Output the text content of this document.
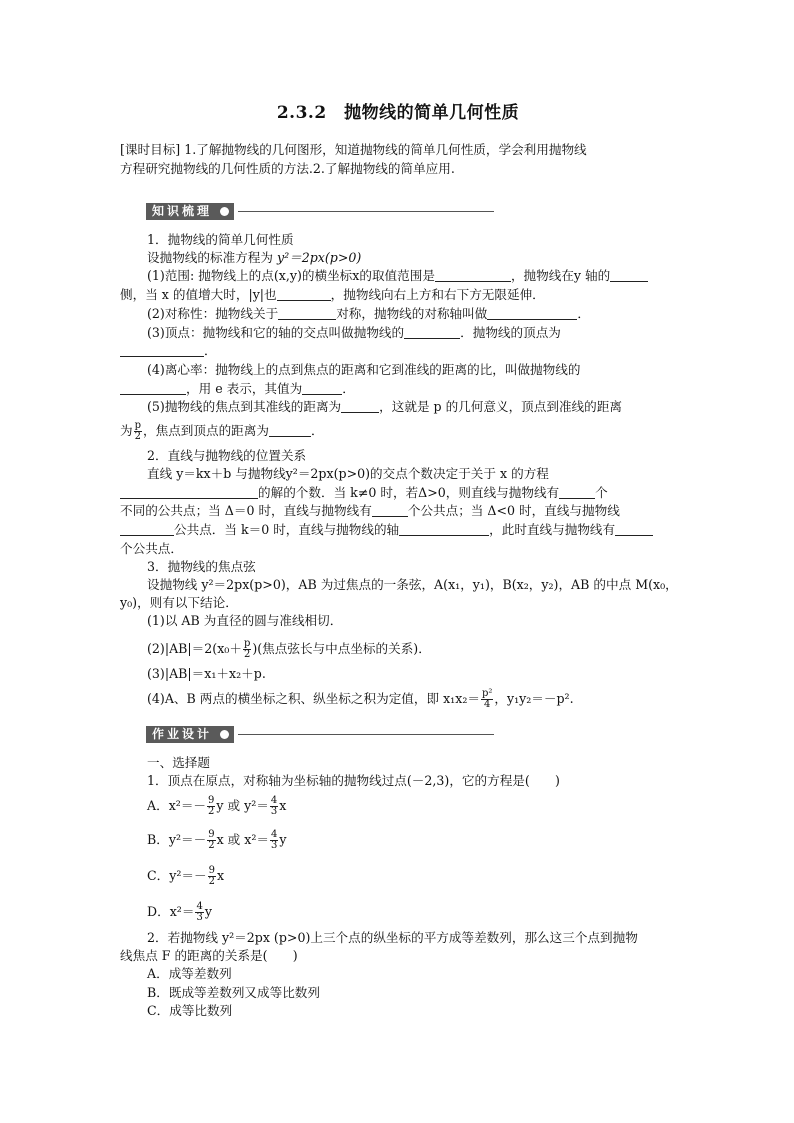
2.3.2　抛物线的简单几何性质
[课时目标] 1.了解抛物线的几何图形，知道抛物线的简单几何性质，学会利用抛物线
方程研究抛物线的几何性质的方法.2.了解抛物线的简单应用.
知识梳理
1．抛物线的简单几何性质
设抛物线的标准方程为 y²＝2px(p>0)
(1)范围: 抛物线上的点(x,y)的横坐标x的取值范围是	，抛物线在y 轴的
侧，当 x 的值增大时，|y|也	，抛物线向右上方和右下方无限延伸．
(2)对称性：抛物线关于	对称，抛物线的对称轴叫做	．
(3)顶点：抛物线和它的轴的交点叫做抛物线的	．抛物线的顶点为
．
(4)离心率：抛物线上的点到焦点的距离和它到准线的距离的比，叫做抛物线的
，用 e 表示，其值为	．
(5)抛物线的焦点到其准线的距离为	，这就是 p 的几何意义，顶点到准线的距离
为 $\frac{p}{2}$ ，焦点到顶点的距离为	．
2．直线与抛物线的位置关系
直线 y＝kx＋b 与抛物线y²＝2px(p>0)的交点个数决定于关于 x 的方程
的解的个数．当 k≠0 时，若Δ>0，则直线与抛物线有	个
不同的公共点；当 Δ＝0 时，直线与抛物线有	个公共点；当 Δ<0 时，直线与抛物线
公共点．当 k＝0 时，直线与抛物线的轴	，此时直线与抛物线有
个公共点．
3．抛物线的焦点弦
设抛物线 y²＝2px(p>0)，AB 为过焦点的一条弦，A(x₁，y₁)，B(x₂，y₂)，AB 的中点 M(x₀，
y₀)，则有以下结论．
(1)以 AB 为直径的圆与准线相切．
$(2)|AB|=2(x_0+ \frac{p}{2}$ )(焦点弦长与中点坐标的关系)．
(3)|AB|＝x₁＋x₂＋p.
(4)A、B 两点的横坐标之积、纵坐标之积为定值，即 $x_1x_2= \frac{\text{p²}}{4}$ ，y₁y₂＝－p².
作业设计
一、选择题
1．顶点在原点，对称轴为坐标轴的抛物线过点(－2,3)，它的方程是(　　)
A．$x^2=- \frac{9}{2}$ y 或 $y^2= \frac{4}{3}$ x
B．$y^2=- \frac{9}{2}$ x 或 $x^2= \frac{4}{3}$ y
C．$y^2=- \frac{9}{2}$ x
D．$x^2= \frac{4}{3}$ y
2．若抛物线 y²＝2px (p>0)上三个点的纵坐标的平方成等差数列，那么这三个点到抛物
线焦点 F 的距离的关系是(　　)
A．成等差数列
B．既成等差数列又成等比数列
C．成等比数列
